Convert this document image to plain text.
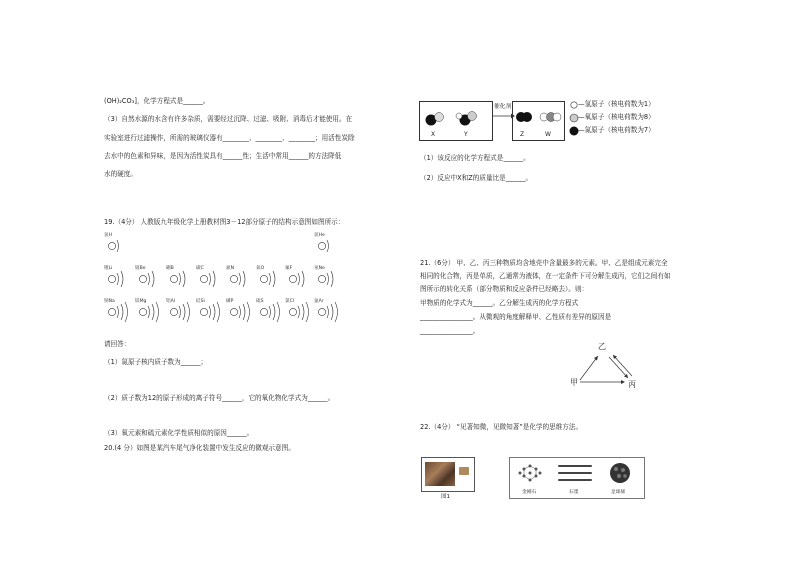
(OH)₂CO₃]，化学方程式是______。
（3）自然水源的水含有许多杂质，需要经过沉降、过滤、吸附、消毒后才能使用。在
实验室进行过滤操作，所需的玻璃仪器有________、________、________；用活性炭除
去水中的色素和异味，是因为活性炭具有______性；生活中常用______的方法降低
水的硬度。
19.（4分） 人教版九年级化学上册教材图3－12部分原子的结构示意图如图所示：
氢H	氦He
锂Li	铍Be	硼B	碳C	氮N	氧O	氟F	氖Ne
钠Na	镁Mg	铝Al	硅Si	磷P	硫S	氯Cl	氩Ar
请回答：
（1）氮原子核内质子数为______；
（2）质子数为12的原子形成的离子符号______，它的氧化物化学式为______。
（3）氧元素和硫元素化学性质相似的原因______。
20.(4 分）如图是某汽车尾气净化装置中发生反应的微观示意图。
催化剂
X	Y	Z	W
—氢原子（核电荷数为1）
—氧原子（核电荷数为8）
—氮原子（核电荷数为7）
（1）该反应的化学方程式是______。
（2）反应中X和Z的质量比是______。
21.（6分） 甲、乙、丙三种物质均含地壳中含量最多的元素。甲、乙是组成元素完全
相同的化合物，丙是单质，乙通常为液体，在一定条件下可分解生成丙，它们之间有如
图所示的转化关系（部分物质和反应条件已经略去）。则：
甲物质的化学式为______。乙分解生成丙的化学方程式
________________。从微观的角度解释甲、乙性质有差异的原因是
________________。
乙
甲	丙
22.（4分） “见著知微，见微知著”是化学的思维方法。
图1
金刚石	石墨	足球烯
